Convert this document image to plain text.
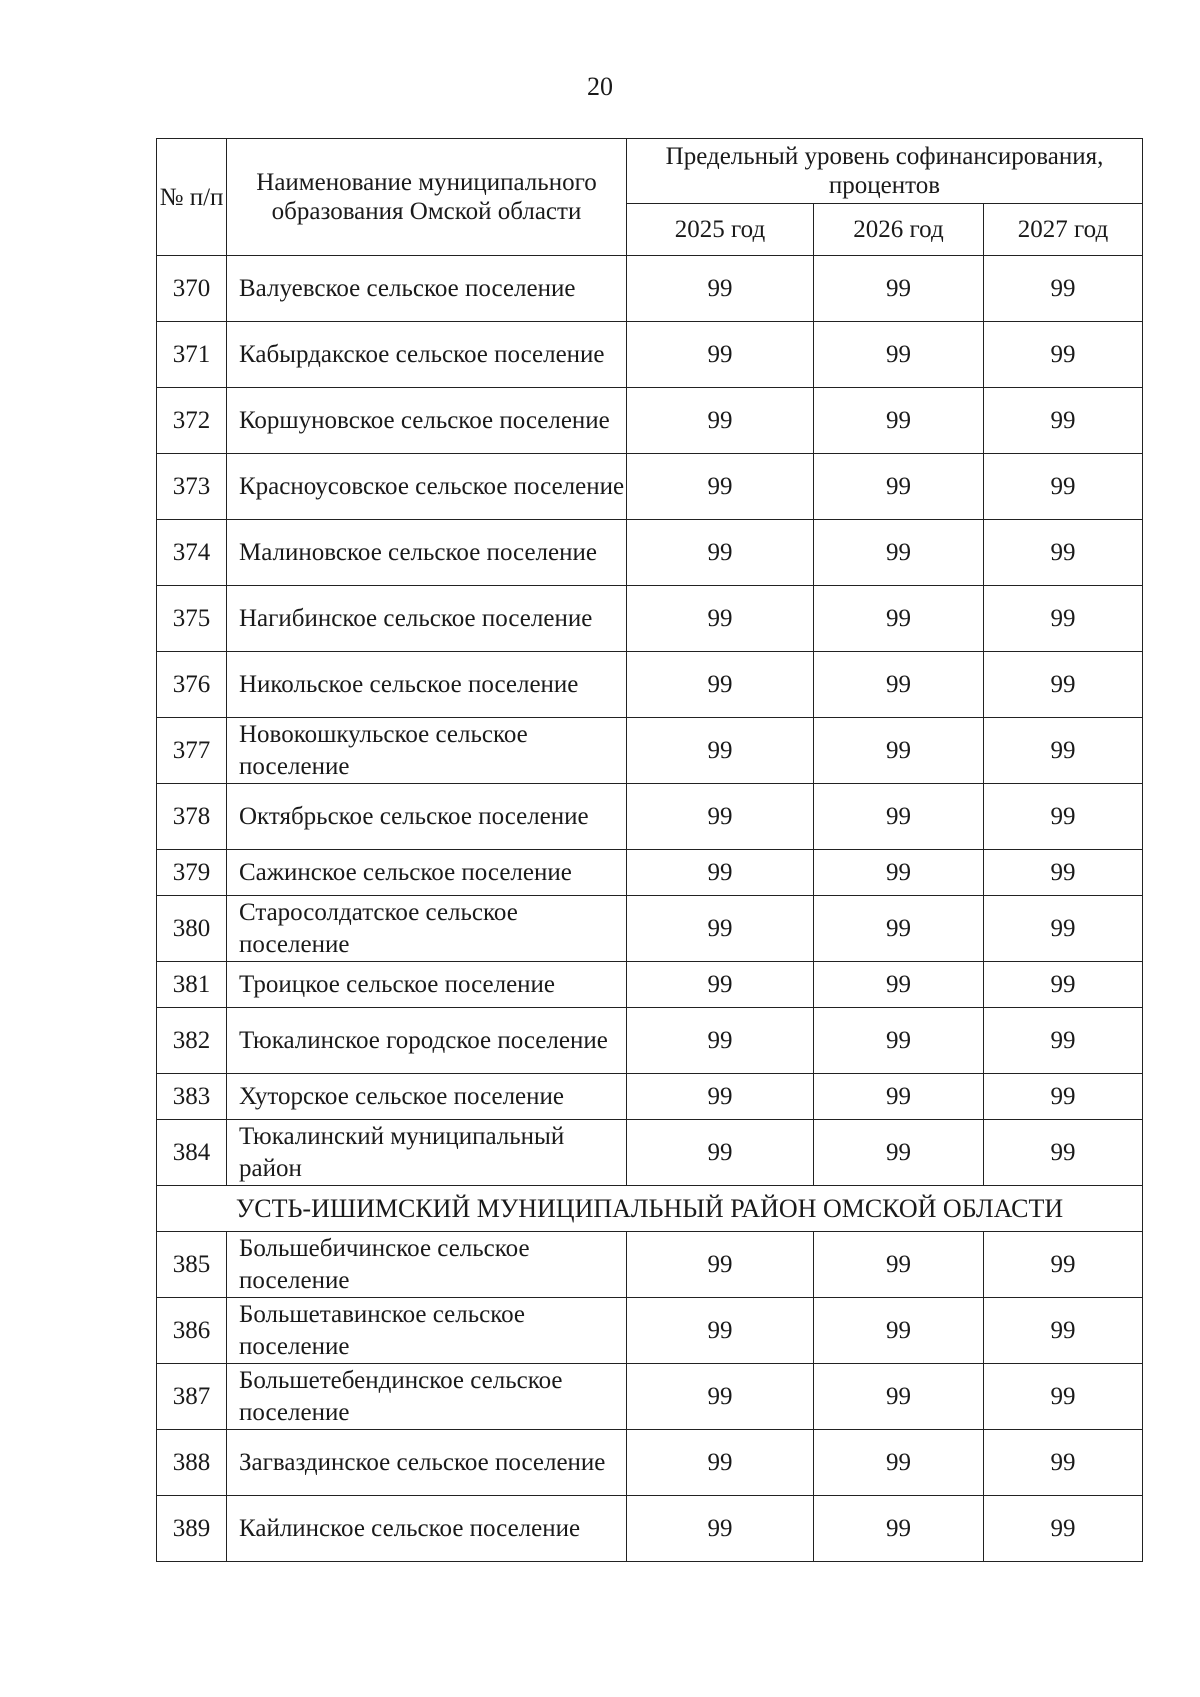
20
№ п/п	Наименование муниципального образования Омской области	Предельный уровень софинансирования, процентов		
		2025 год	2026 год	2027 год
370	Валуевское сельское поселение	99	99	99
371	Кабырдакское сельское поселение	99	99	99
372	Коршуновское сельское поселение	99	99	99
373	Красноусовское сельское поселение	99	99	99
374	Малиновское сельское поселение	99	99	99
375	Нагибинское сельское поселение	99	99	99
376	Никольское сельское поселение	99	99	99
377	Новокошкульское сельское поселение	99	99	99
378	Октябрьское сельское поселение	99	99	99
379	Сажинское сельское поселение	99	99	99
380	Старосолдатское сельское поселение	99	99	99
381	Троицкое сельское поселение	99	99	99
382	Тюкалинское городское поселение	99	99	99
383	Хуторское сельское поселение	99	99	99
384	Тюкалинский муниципальный район	99	99	99
УСТЬ-ИШИМСКИЙ МУНИЦИПАЛЬНЫЙ РАЙОН ОМСКОЙ ОБЛАСТИ				
385	Большебичинское сельское поселение	99	99	99
386	Большетавинское сельское поселение	99	99	99
387	Большетебендинское сельское поселение	99	99	99
388	Загваздинское сельское поселение	99	99	99
389	Кайлинское сельское поселение	99	99	99
